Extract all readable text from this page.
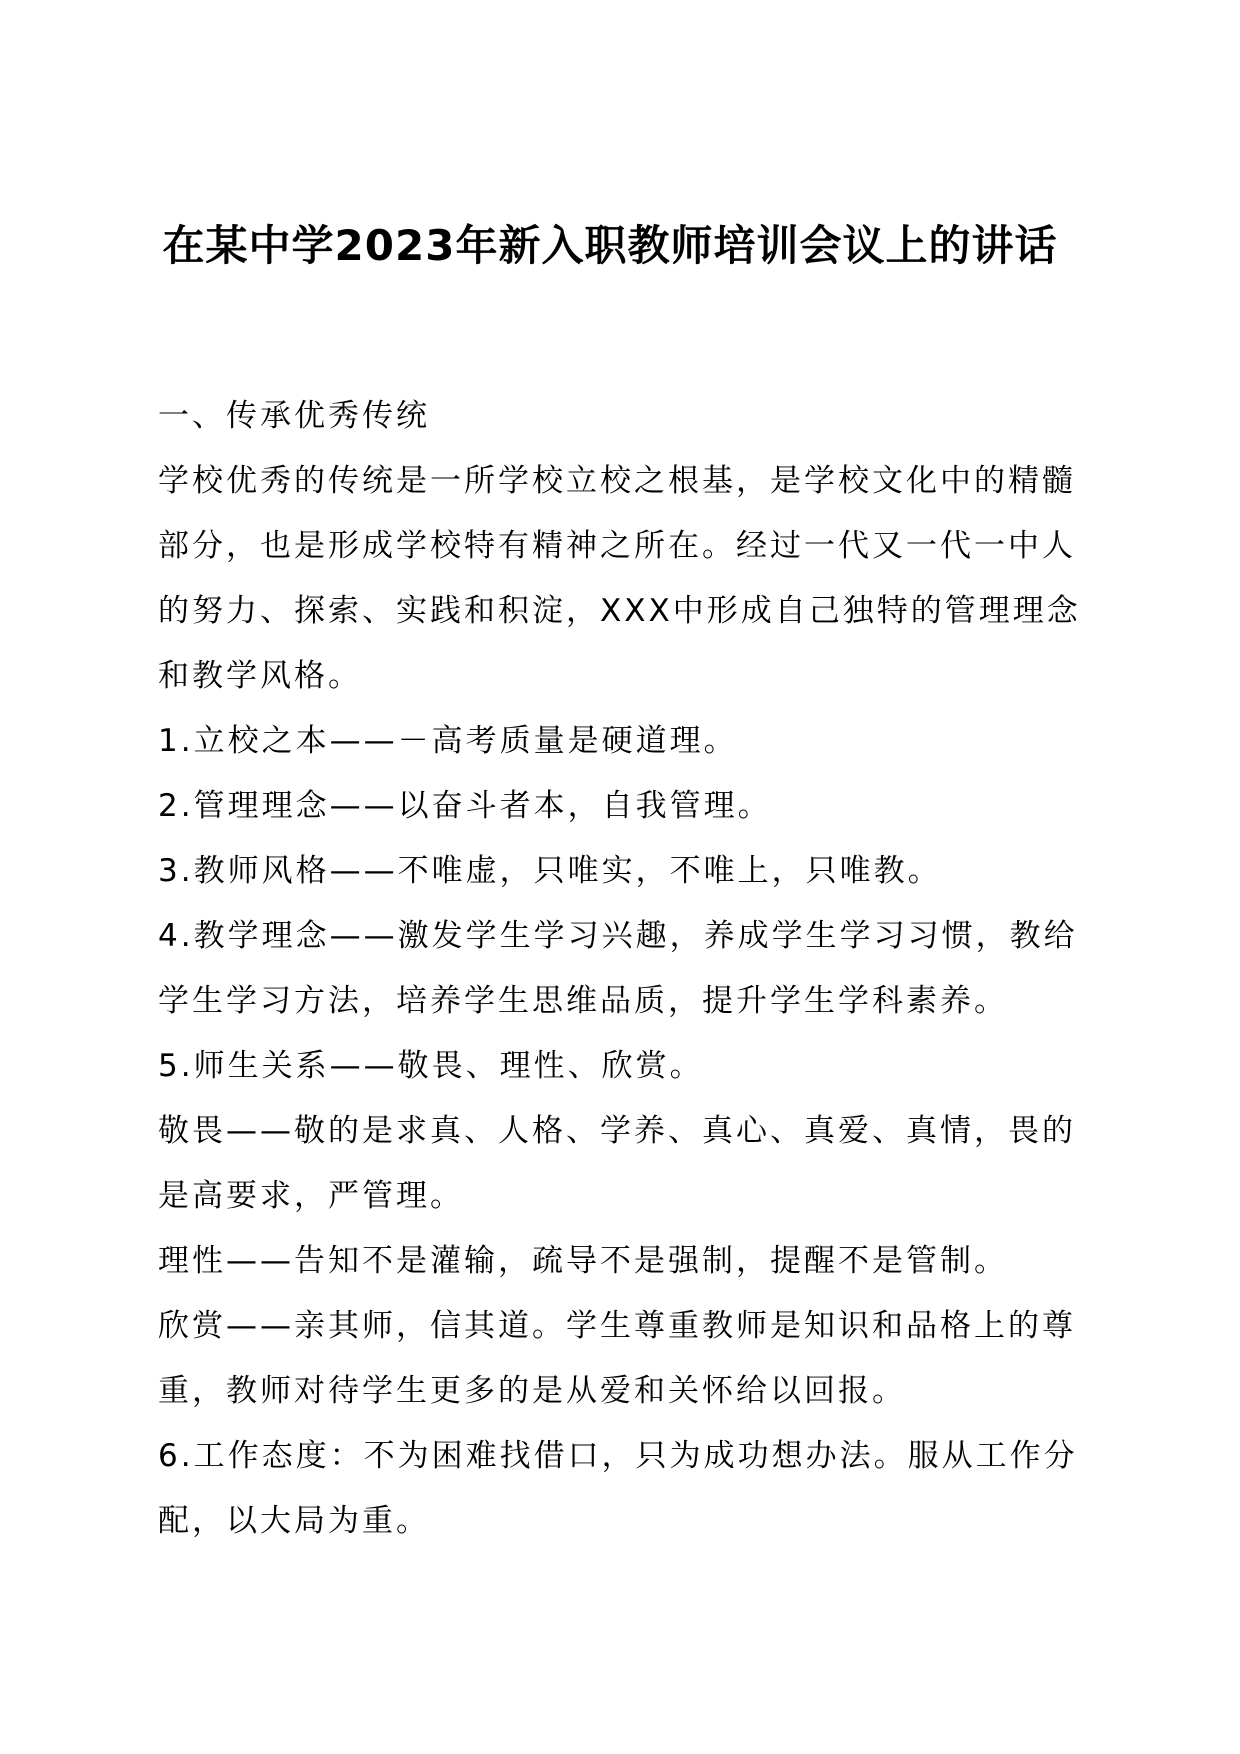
在某中学2023年新入职教师培训会议上的讲话

一、传承优秀传统

学校优秀的传统是一所学校立校之根基，是学校文化中的精髓部分，也是形成学校特有精神之所在。经过一代又一代一中人的努力、探索、实践和积淀，XXX中形成自己独特的管理理念和教学风格。

1.立校之本——－高考质量是硬道理。

2.管理理念——以奋斗者本，自我管理。

3.教师风格——不唯虚，只唯实，不唯上，只唯教。

4.教学理念——激发学生学习兴趣，养成学生学习习惯，教给学生学习方法，培养学生思维品质，提升学生学科素养。

5.师生关系——敬畏、理性、欣赏。

敬畏——敬的是求真、人格、学养、真心、真爱、真情，畏的是高要求，严管理。

理性——告知不是灌输，疏导不是强制，提醒不是管制。

欣赏——亲其师，信其道。学生尊重教师是知识和品格上的尊重，教师对待学生更多的是从爱和关怀给以回报。

6.工作态度：不为困难找借口，只为成功想办法。服从工作分配，以大局为重。
